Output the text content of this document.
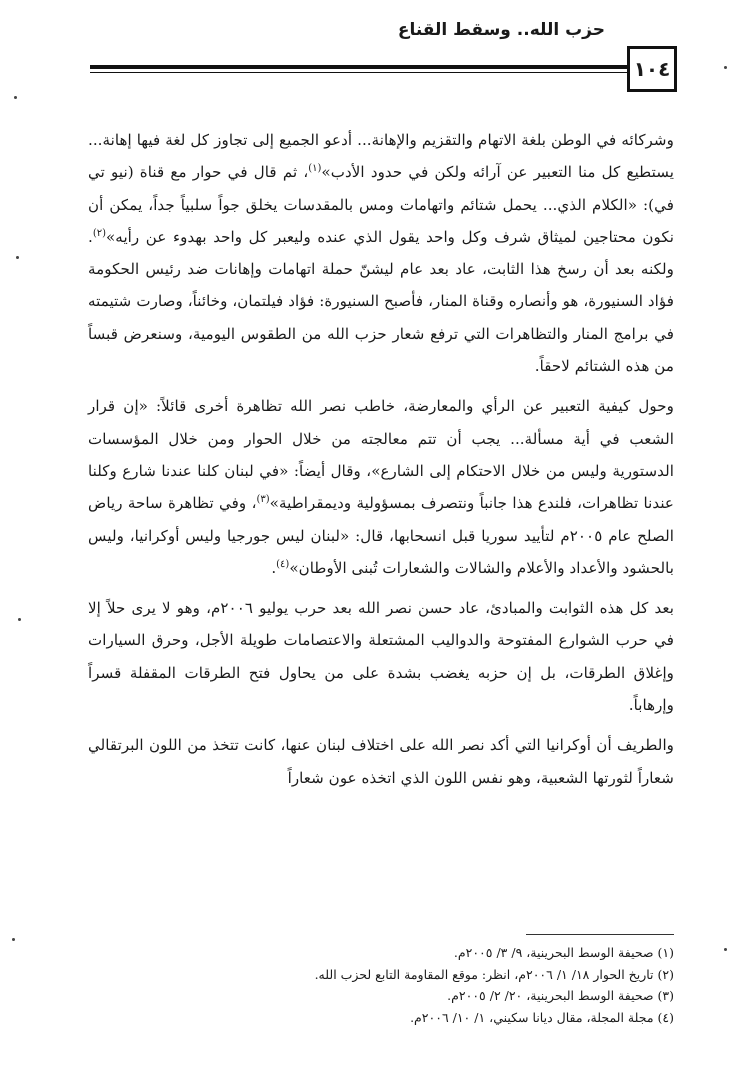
حزب الله.. وسقط القناع
١٠٤

وشركائه في الوطن بلغة الاتهام والتقزيم والإهانة... أدعو الجميع إلى تجاوز كل لغة فيها إهانة... يستطيع كل منا التعبير عن آرائه ولكن في حدود الأدب»$^{(١)}$، ثم قال في حوار مع قناة (نيو تي في): «الكلام الذي... يحمل شتائم واتهامات ومس بالمقدسات يخلق جواً سلبياً جداً، يمكن أن نكون محتاجين لميثاق شرف وكل واحد يقول الذي عنده وليعبر كل واحد بهدوء عن رأيه»$^{(٢)}$. ولكنه بعد أن رسخ هذا الثابت، عاد بعد عام ليشنّ حملة اتهامات وإهانات ضد رئيس الحكومة فؤاد السنيورة، هو وأنصاره وقناة المنار، فأصبح السنيورة: فؤاد فيلتمان، وخائناً، وصارت شتيمته في برامج المنار والتظاهرات التي ترفع شعار حزب الله من الطقوس اليومية، وسنعرض قبساً من هذه الشتائم لاحقاً.

وحول كيفية التعبير عن الرأي والمعارضة، خاطب نصر الله تظاهرة أخرى قائلاً: «إن قرار الشعب في أية مسألة... يجب أن تتم معالجته من خلال الحوار ومن خلال المؤسسات الدستورية وليس من خلال الاحتكام إلى الشارع»، وقال أيضاً: «في لبنان كلنا عندنا شارع وكلنا عندنا تظاهرات، فلندع هذا جانباً ونتصرف بمسؤولية وديمقراطية»$^{(٣)}$، وفي تظاهرة ساحة رياض الصلح عام ٢٠٠٥م لتأييد سوريا قبل انسحابها، قال: «لبنان ليس جورجيا وليس أوكرانيا، وليس بالحشود والأعداد والأعلام والشالات والشعارات تُبنى الأوطان»$^{(٤)}$.

بعد كل هذه الثوابت والمبادئ، عاد حسن نصر الله بعد حرب يوليو ٢٠٠٦م، وهو لا يرى حلاً إلا في حرب الشوارع المفتوحة والدواليب المشتعلة والاعتصامات طويلة الأجل، وحرق السيارات وإغلاق الطرقات، بل إن حزبه يغضب بشدة على من يحاول فتح الطرقات المقفلة قسراً وإرهاباً.

والطريف أن أوكرانيا التي أكد نصر الله على اختلاف لبنان عنها، كانت تتخذ من اللون البرتقالي شعاراً لثورتها الشعبية، وهو نفس اللون الذي اتخذه عون شعاراً

(١) صحيفة الوسط البحرينية، ٩/ ٣/ ٢٠٠٥م.

(٢) تاريخ الحوار ١٨/ ١/ ٢٠٠٦م، انظر: موقع المقاومة التابع لحزب الله.

(٣) صحيفة الوسط البحرينية، ٢٠/ ٢/ ٢٠٠٥م.

(٤) مجلة المجلة، مقال ديانا سكيني، ١/ ١٠/ ٢٠٠٦م.
